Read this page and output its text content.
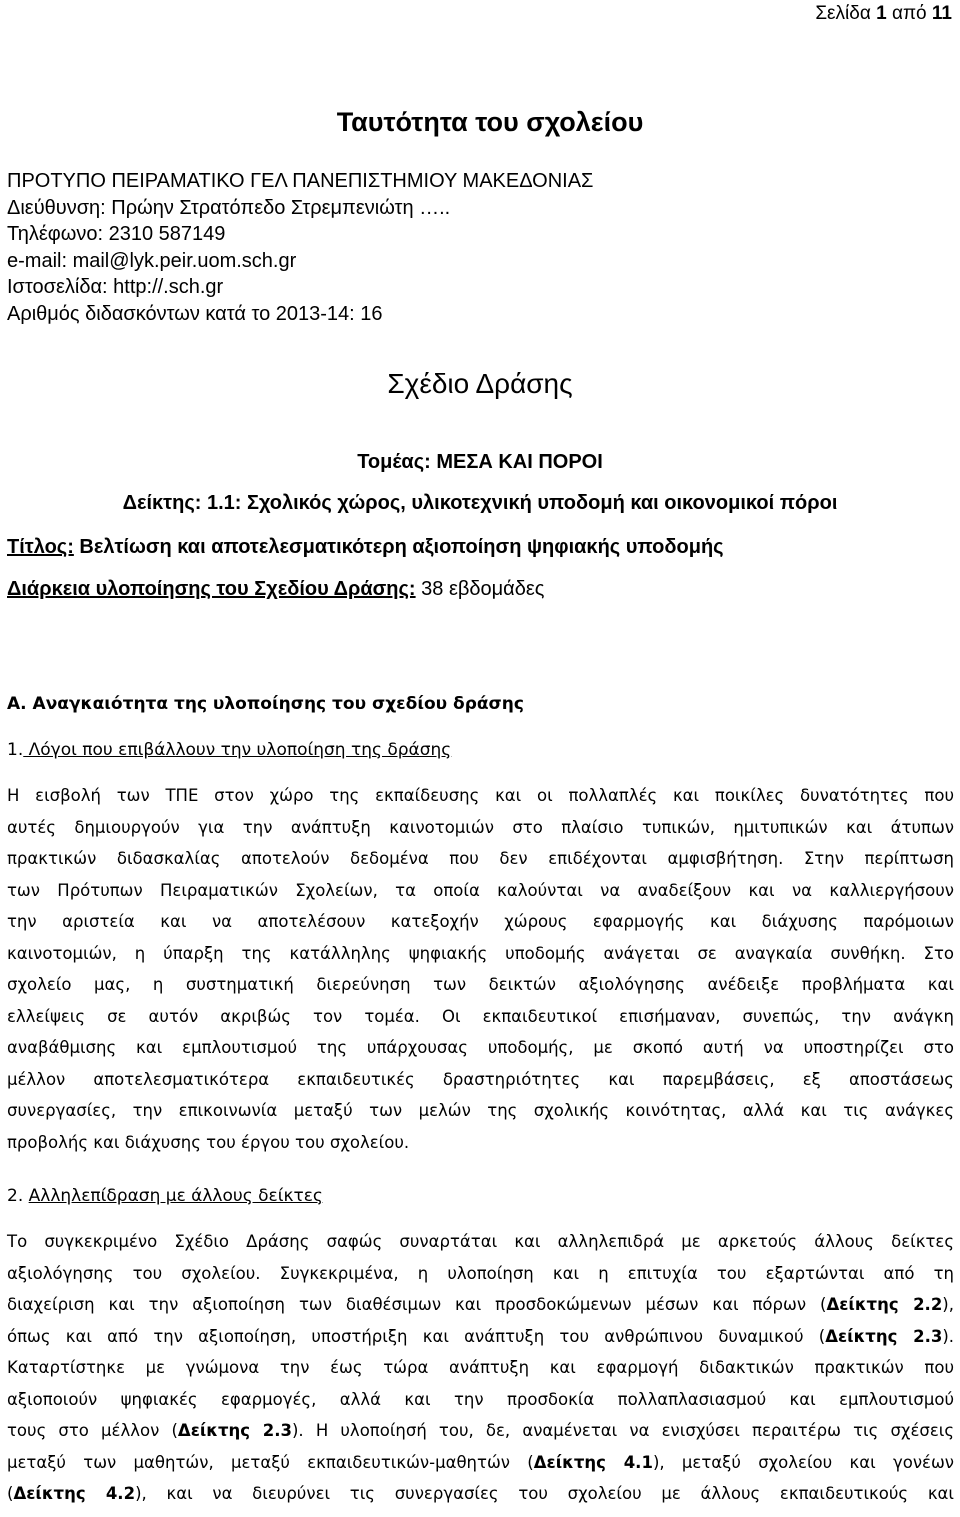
Σελίδα 1 από 11
Ταυτότητα του σχολείου
ΠΡΟΤΥΠΟ ΠΕΙΡΑΜΑΤΙΚΟ ΓΕΛ ΠΑΝΕΠΙΣΤΗΜΙΟΥ ΜΑΚΕΔΟΝΙΑΣ
Διεύθυνση: Πρώην Στρατόπεδο Στρεμπενιώτη …..
Τηλέφωνο: 2310 587149
e-mail: mail@lyk.peir.uom.sch.gr
Ιστοσελίδα: http://.sch.gr
Αριθμός διδασκόντων κατά το 2013-14: 16
Σχέδιο Δράσης
Τομέας: ΜΕΣΑ ΚΑΙ ΠΟΡΟΙ
Δείκτης: 1.1: Σχολικός χώρος, υλικοτεχνική υποδομή και οικονομικοί πόροι
Τίτλος: Βελτίωση και αποτελεσματικότερη αξιοποίηση ψηφιακής υποδομής
Διάρκεια υλοποίησης του Σχεδίου Δράσης: 38 εβδομάδες
Α. Αναγκαιότητα της υλοποίησης του σχεδίου δράσης
1. Λόγοι που επιβάλλουν την υλοποίηση της δράσης
Η εισβολή των ΤΠΕ στον χώρο της εκπαίδευσης και οι πολλαπλές και ποικίλες δυνατότητες που
αυτές δημιουργούν για την ανάπτυξη καινοτομιών στο πλαίσιο τυπικών, ημιτυπικών και άτυπων
πρακτικών διδασκαλίας αποτελούν δεδομένα που δεν επιδέχονται αμφισβήτηση. Στην περίπτωση
των Πρότυπων Πειραματικών Σχολείων, τα οποία καλούνται να αναδείξουν και να καλλιεργήσουν
την αριστεία και να αποτελέσουν κατεξοχήν χώρους εφαρμογής και διάχυσης παρόμοιων
καινοτομιών, η ύπαρξη της κατάλληλης ψηφιακής υποδομής ανάγεται σε αναγκαία συνθήκη. Στο
σχολείο μας, η συστηματική διερεύνηση των δεικτών αξιολόγησης ανέδειξε προβλήματα και
ελλείψεις σε αυτόν ακριβώς τον τομέα. Οι εκπαιδευτικοί επισήμαναν, συνεπώς, την ανάγκη
αναβάθμισης και εμπλουτισμού της υπάρχουσας υποδομής, με σκοπό αυτή να υποστηρίζει στο
μέλλον αποτελεσματικότερα εκπαιδευτικές δραστηριότητες και παρεμβάσεις, εξ αποστάσεως
συνεργασίες, την επικοινωνία μεταξύ των μελών της σχολικής κοινότητας, αλλά και τις ανάγκες
προβολής και διάχυσης του έργου του σχολείου.
2. Αλληλεπίδραση με άλλους δείκτες
Το συγκεκριμένο Σχέδιο Δράσης σαφώς συναρτάται και αλληλεπιδρά με αρκετούς άλλους δείκτες
αξιολόγησης του σχολείου. Συγκεκριμένα, η υλοποίηση και η επιτυχία του εξαρτώνται από τη
διαχείριση και την αξιοποίηση των διαθέσιμων και προσδοκώμενων μέσων και πόρων (Δείκτης 2.2),
όπως και από την αξιοποίηση, υποστήριξη και ανάπτυξη του ανθρώπινου δυναμικού (Δείκτης 2.3).
Καταρτίστηκε με γνώμονα την έως τώρα ανάπτυξη και εφαρμογή διδακτικών πρακτικών που
αξιοποιούν ψηφιακές εφαρμογές, αλλά και την προσδοκία πολλαπλασιασμού και εμπλουτισμού
τους στο μέλλον (Δείκτης 2.3). Η υλοποίησή του, δε, αναμένεται να ενισχύσει περαιτέρω τις σχέσεις
μεταξύ των μαθητών, μεταξύ εκπαιδευτικών-μαθητών (Δείκτης 4.1), μεταξύ σχολείου και γονέων
(Δείκτης 4.2), και να διευρύνει τις συνεργασίες του σχολείου με άλλους εκπαιδευτικούς και
